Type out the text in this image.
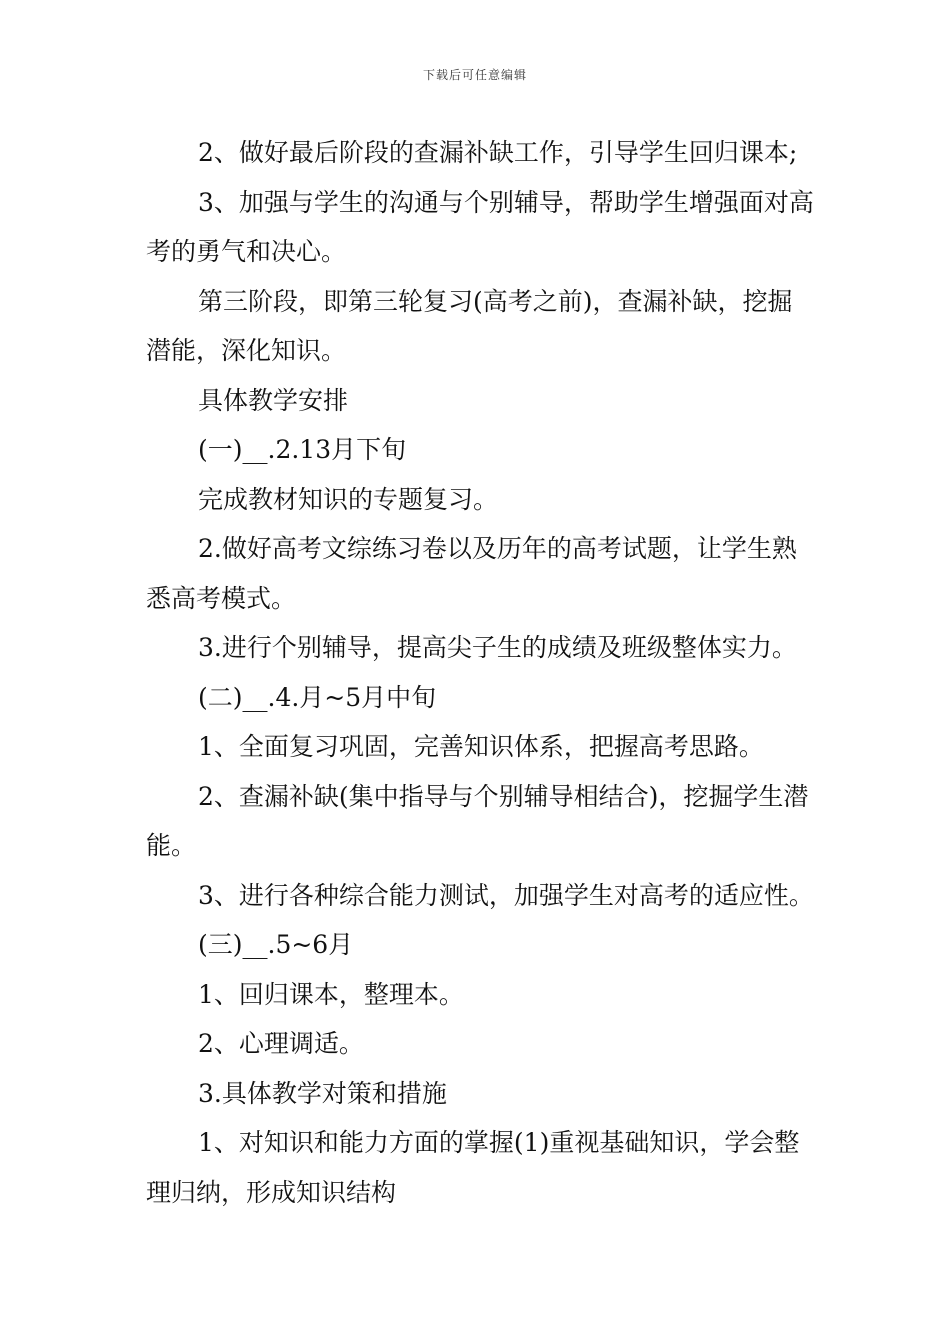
下载后可任意编辑

2、做好最后阶段的查漏补缺工作，引导学生回归课本;

3、加强与学生的沟通与个别辅导，帮助学生增强面对高考的勇气和决心。

第三阶段，即第三轮复习(高考之前)，查漏补缺，挖掘潜能，深化知识。

具体教学安排

(一)__.2.13月下旬

完成教材知识的专题复习。

2.做好高考文综练习卷以及历年的高考试题，让学生熟悉高考模式。

3.进行个别辅导，提高尖子生的成绩及班级整体实力。

(二)__.4.月~5月中旬

1、全面复习巩固，完善知识体系，把握高考思路。

2、查漏补缺(集中指导与个别辅导相结合)，挖掘学生潜能。

3、进行各种综合能力测试，加强学生对高考的适应性。

(三)__.5~6月

1、回归课本，整理本。

2、心理调适。

3.具体教学对策和措施

1、对知识和能力方面的掌握(1)重视基础知识，学会整理归纳，形成知识结构
